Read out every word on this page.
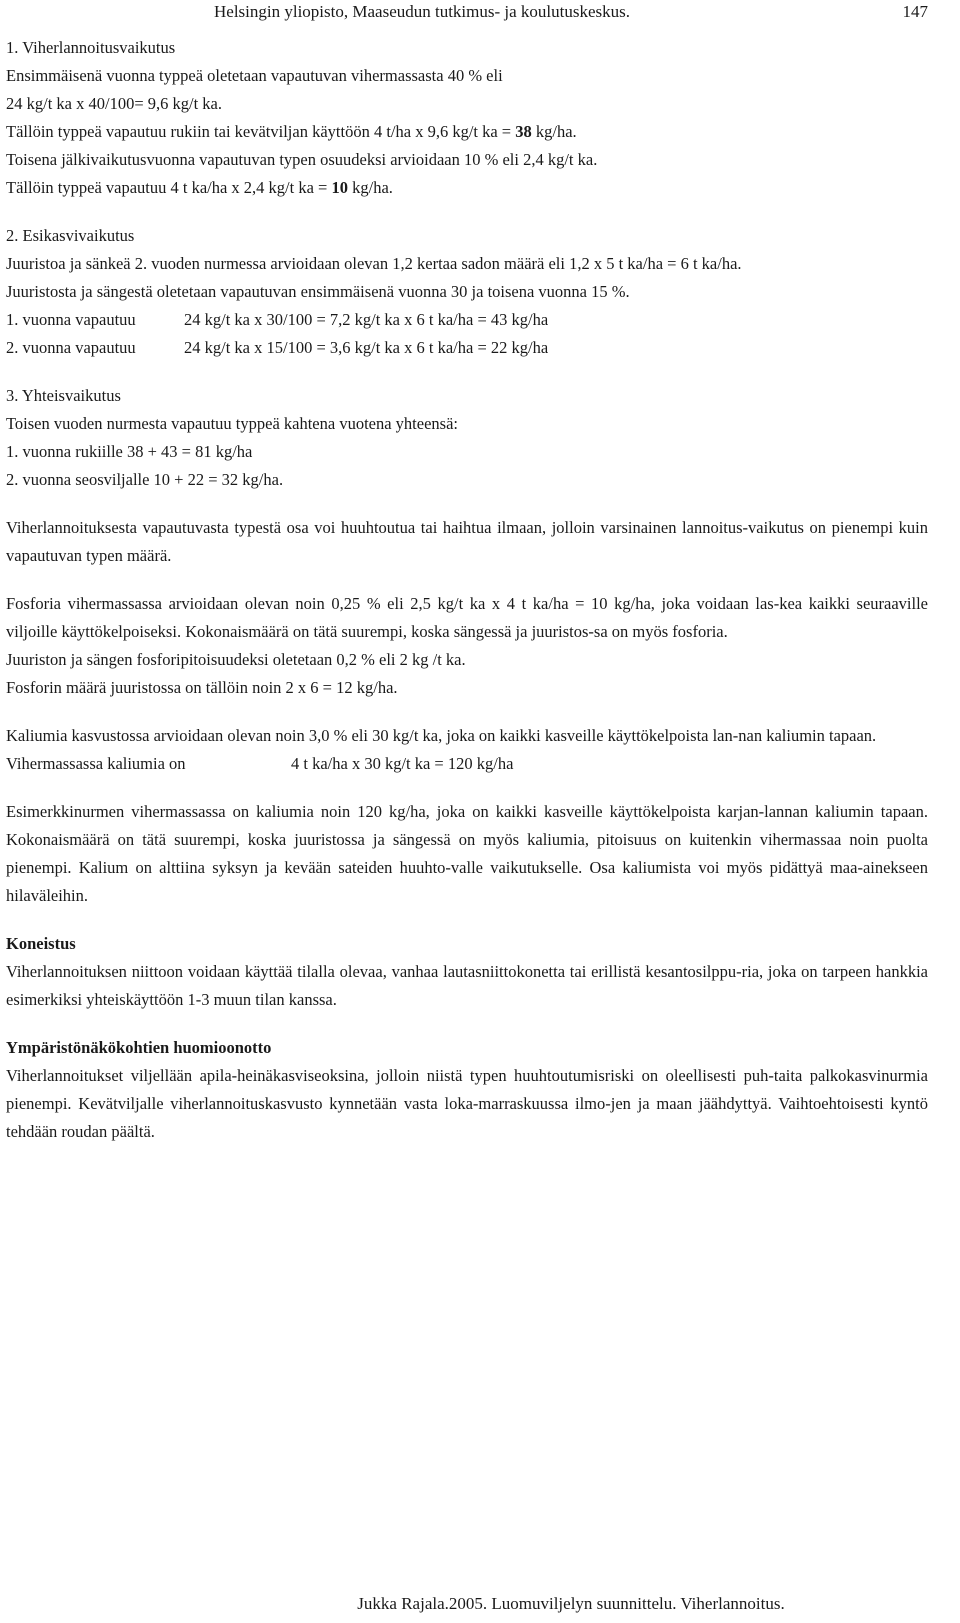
Helsingin yliopisto, Maaseudun tutkimus- ja koulutuskeskus.	147
1. Viherlannoitusvaikutus
Ensimmäisenä vuonna typpeä oletetaan vapautuvan vihermassasta 40 % eli
24 kg/t ka x 40/100= 9,6 kg/t ka.
Tällöin typpeä vapautuu rukiin tai kevätviljan käyttöön 4 t/ha x 9,6 kg/t ka = 38 kg/ha.
Toisena jälkivaikutusvuonna vapautuvan typen osuudeksi arvioidaan 10 % eli 2,4 kg/t ka.
Tällöin typpeä vapautuu 4 t ka/ha x 2,4 kg/t ka = 10 kg/ha.
2. Esikasvivaikutus
Juuristoa ja sänkeä 2. vuoden nurmessa arvioidaan olevan 1,2 kertaa sadon määrä eli 1,2 x 5 t ka/ha = 6 t ka/ha.
Juuristosta ja sängestä oletetaan vapautuvan ensimmäisenä vuonna 30 ja toisena vuonna 15 %.
1. vuonna vapautuu	24 kg/t ka x 30/100 = 7,2 kg/t ka x 6 t ka/ha = 43 kg/ha
2. vuonna vapautuu	24 kg/t ka x 15/100 = 3,6 kg/t ka x 6 t ka/ha = 22 kg/ha
3. Yhteisvaikutus
Toisen vuoden nurmesta vapautuu typpeä kahtena vuotena yhteensä:
1. vuonna rukiille 38 + 43 = 81 kg/ha
2. vuonna seosviljalle 10 + 22 = 32 kg/ha.
Viherlannoituksesta vapautuvasta typestä osa voi huuhtoutua tai haihtua ilmaan, jolloin varsinainen lannoitus-vaikutus on pienempi kuin vapautuvan typen määrä.
Fosforia vihermassassa arvioidaan olevan noin 0,25 % eli 2,5 kg/t ka x 4 t ka/ha = 10 kg/ha, joka voidaan las-kea kaikki seuraaville viljoille käyttökelpoiseksi. Kokonaismäärä on tätä suurempi, koska sängessä ja juuristos-sa on myös fosforia.
Juuriston ja sängen fosforipitoisuudeksi oletetaan 0,2 % eli 2 kg /t ka.
Fosforin määrä juuristossa on tällöin noin 2 x 6 = 12 kg/ha.
Kaliumia kasvustossa arvioidaan olevan noin 3,0 % eli 30 kg/t ka, joka on kaikki kasveille käyttökelpoista lan-nan kaliumin tapaan.
Vihermassassa kaliumia on	4 t ka/ha x 30 kg/t ka = 120 kg/ha
Esimerkkinurmen vihermassassa on kaliumia noin 120 kg/ha, joka on kaikki kasveille käyttökelpoista karjan-lannan kaliumin tapaan. Kokonaismäärä on tätä suurempi, koska juuristossa ja sängessä on myös kaliumia, pitoisuus on kuitenkin vihermassaa noin puolta pienempi. Kalium on alttiina syksyn ja kevään sateiden huuhto-valle vaikutukselle. Osa kaliumista voi myös pidättyä maa-ainekseen hilaväleihin.
Koneistus
Viherlannoituksen niittoon voidaan käyttää tilalla olevaa, vanhaa lautasniittokonetta tai erillistä kesantosilppu-ria, joka on tarpeen hankkia esimerkiksi yhteiskäyttöön 1-3 muun tilan kanssa.
Ympäristönäkökohtien huomioonotto
Viherlannoitukset viljellään apila-heinäkasviseoksina, jolloin niistä typen huuhtoutumisriski on oleellisesti puh-taita palkokasvinurmia pienempi. Kevätviljalle viherlannoituskasvusto kynnetään vasta loka-marraskuussa ilmo-jen ja maan jäähdyttyä. Vaihtoehtoisesti kyntö tehdään roudan päältä.
Jukka Rajala.2005. Luomuviljelyn suunnittelu. Viherlannoitus.
